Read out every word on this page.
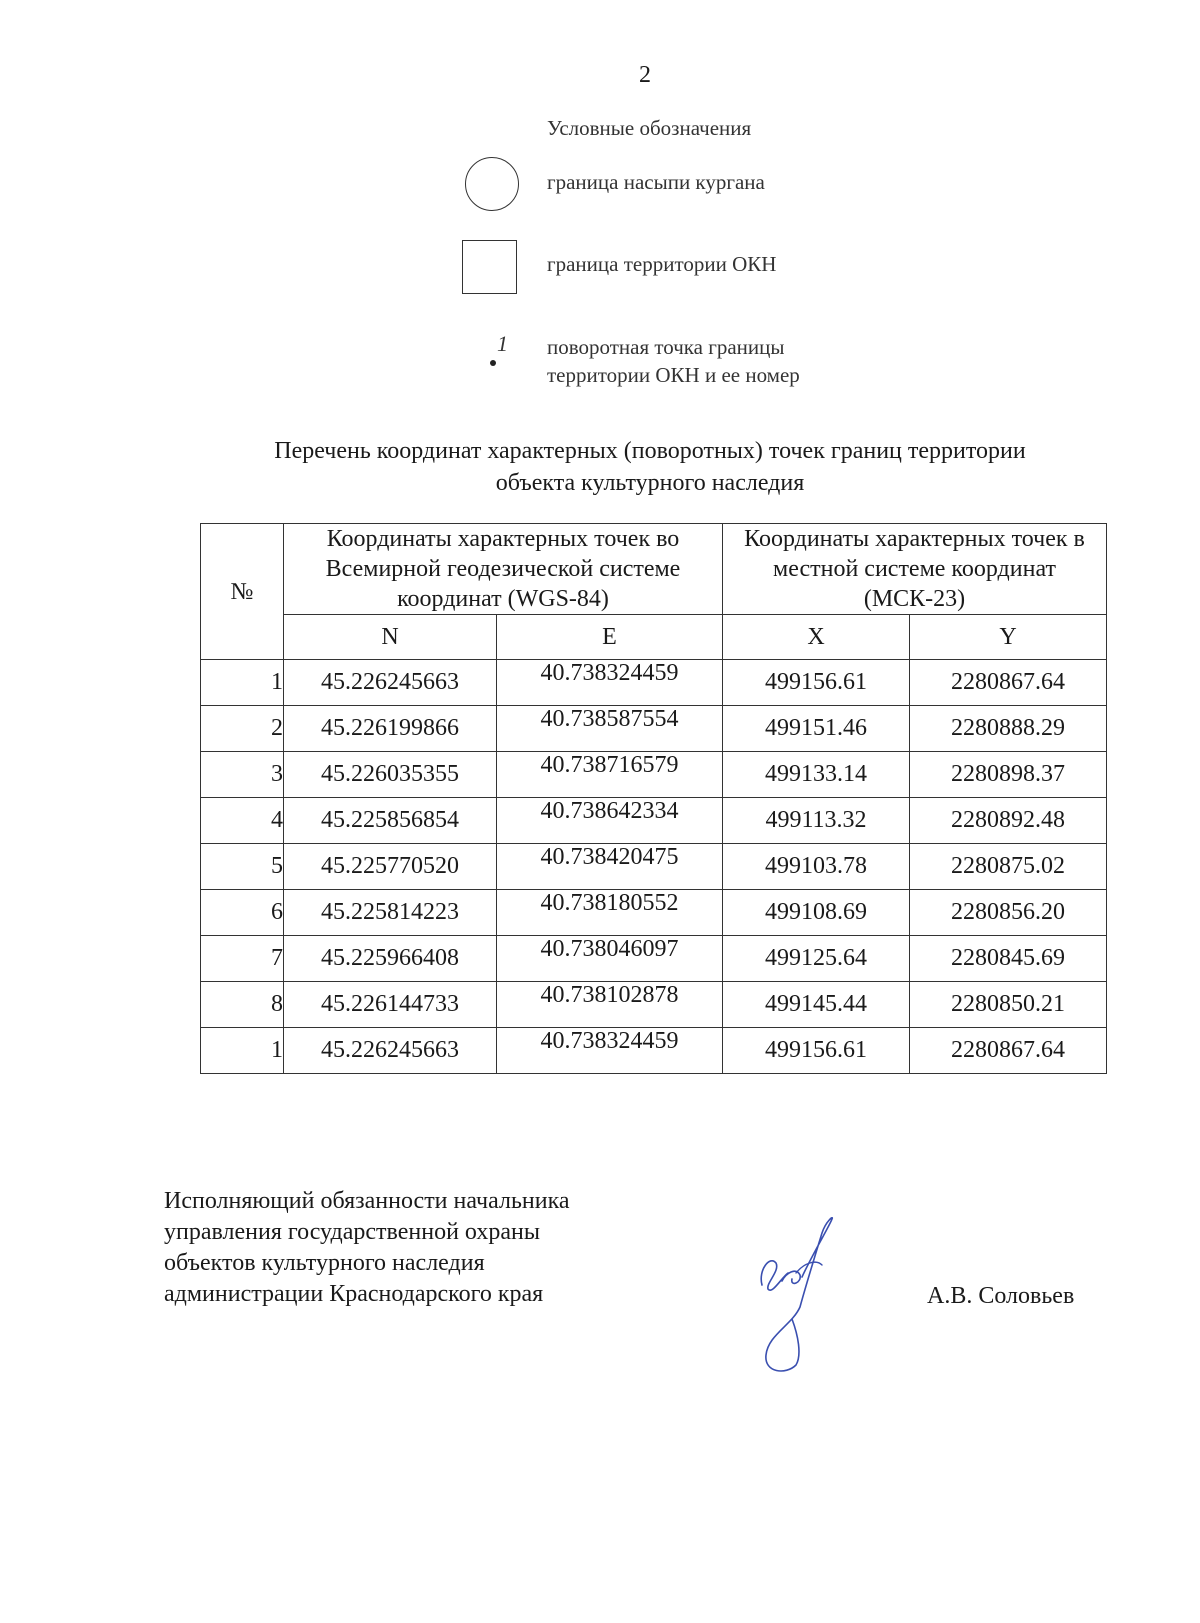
2
Условные обозначения
граница насыпи кургана
граница территории ОКН
1 поворотная точка границы
территории ОКН и ее номер
Перечень координат характерных (поворотных) точек границ территории
объекта культурного наследия
№	Координаты характерных точек во Всемирной геодезической системе координат (WGS-84)		Координаты характерных точек в местной системе координат (МСК-23)	
	N	E	X	Y
1	45.226245663	40.738324459	499156.61	2280867.64
2	45.226199866	40.738587554	499151.46	2280888.29
3	45.226035355	40.738716579	499133.14	2280898.37
4	45.225856854	40.738642334	499113.32	2280892.48
5	45.225770520	40.738420475	499103.78	2280875.02
6	45.225814223	40.738180552	499108.69	2280856.20
7	45.225966408	40.738046097	499125.64	2280845.69
8	45.226144733	40.738102878	499145.44	2280850.21
1	45.226245663	40.738324459	499156.61	2280867.64
Исполняющий обязанности начальника
управления государственной охраны
объектов культурного наследия
администрации Краснодарского края	А.В. Соловьев
